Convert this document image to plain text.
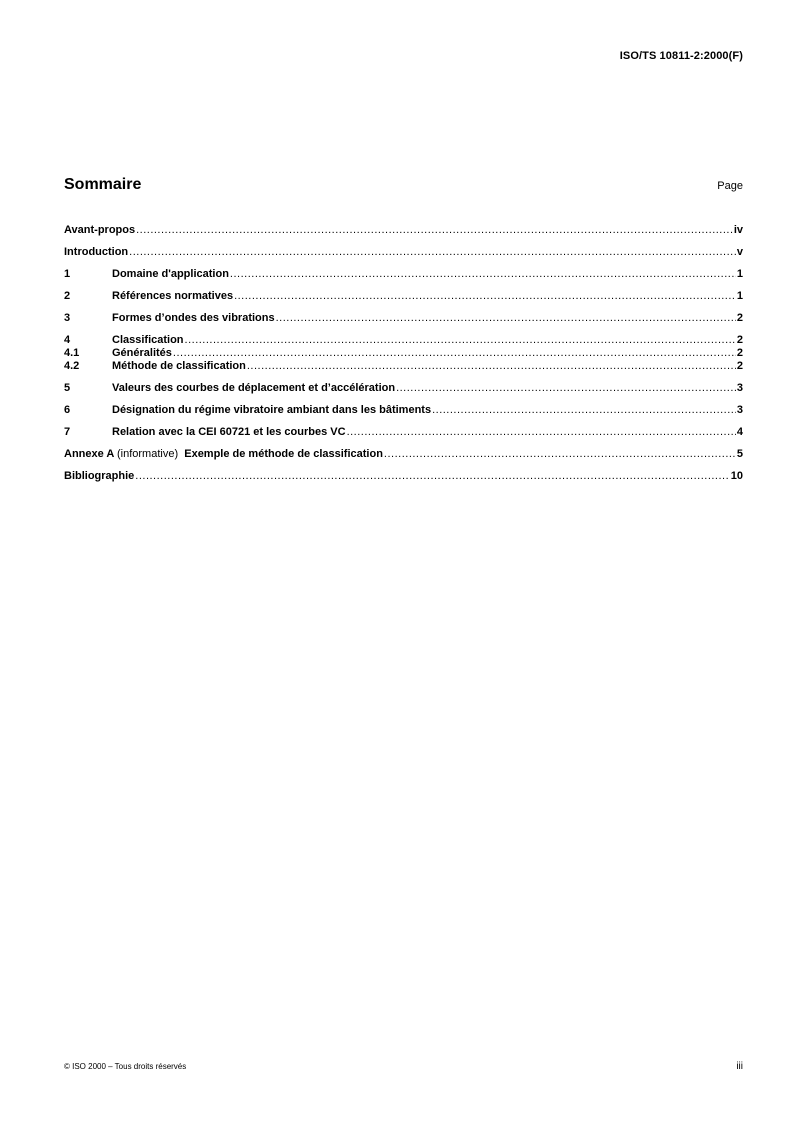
ISO/TS 10811-2:2000(F)
Sommaire	Page
Avant-propos .....	iv
Introduction .....	v
1	Domaine d'application .....	1
2	Références normatives .....	1
3	Formes d’ondes des vibrations .....	2
4	Classification .....	2
4.1	Généralités .....	2
4.2	Méthode de classification .....	2
5	Valeurs des courbes de déplacement et d’accélération .....	3
6	Désignation du régime vibratoire ambiant dans les bâtiments .....	3
7	Relation avec la CEI 60721 et les courbes VC .....	4
Annexe A (informative) Exemple de méthode de classification .....	5
Bibliographie .....	10
© ISO 2000 – Tous droits réservés	iii
